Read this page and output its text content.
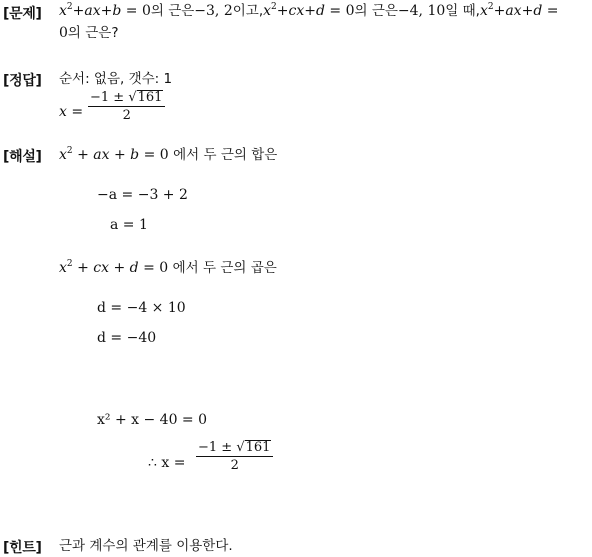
[문제] $x^2+ax+b = 0$의 근은−3, 2이고$,x^2+cx+d = 0$의 근은−4, 10일 때$,x^2+ax+d$ =
0의 근은?
[정답] 순서: 없음, 갯수: 1
$x = \frac{-1 \pm √161}{2}$
[해설] $x^2$ + ax + b = 0 에서 두 근의 합은
−a = −3 + 2
a = 1
$x^2$ + cx + d = 0 에서 두 근의 곱은
d = −4 × 10
d = −40
x² + x − 40 = 0
∴ $x = \frac{-1 \pm √161}{2}$
[힌트] 근과 계수의 관계를 이용한다.
